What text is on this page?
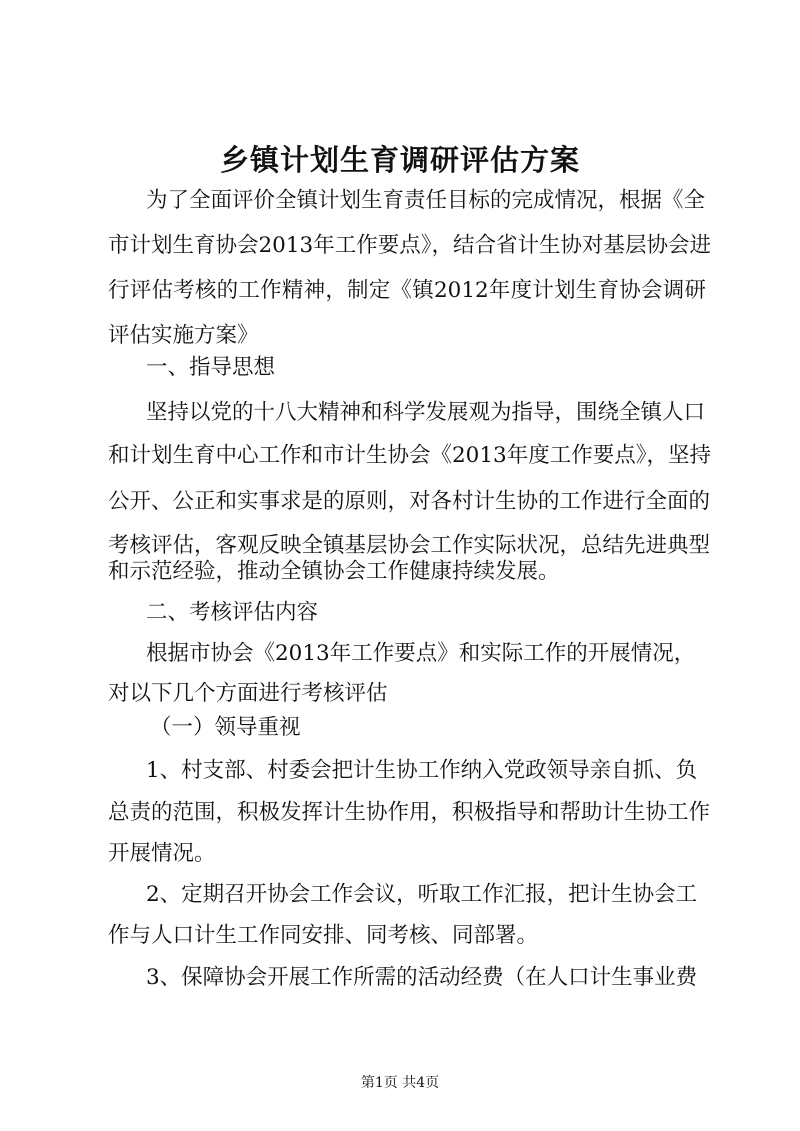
乡镇计划生育调研评估方案
为了全面评价全镇计划生育责任目标的完成情况，根据《全
市计划生育协会2013年工作要点》，结合省计生协对基层协会进
行评估考核的工作精神，制定《镇2012年度计划生育协会调研
评估实施方案》
一、指导思想
坚持以党的十八大精神和科学发展观为指导，围绕全镇人口
和计划生育中心工作和市计生协会《2013年度工作要点》，坚持
公开、公正和实事求是的原则，对各村计生协的工作进行全面的
考核评估，客观反映全镇基层协会工作实际状况，总结先进典型
和示范经验，推动全镇协会工作健康持续发展。
二、考核评估内容
根据市协会《2013年工作要点》和实际工作的开展情况，
对以下几个方面进行考核评估
（一）领导重视
1、村支部、村委会把计生协工作纳入党政领导亲自抓、负
总责的范围，积极发挥计生协作用，积极指导和帮助计生协工作
开展情况。
2、定期召开协会工作会议，听取工作汇报，把计生协会工
作与人口计生工作同安排、同考核、同部署。
3、保障协会开展工作所需的活动经费（在人口计生事业费
第1页 共4页
